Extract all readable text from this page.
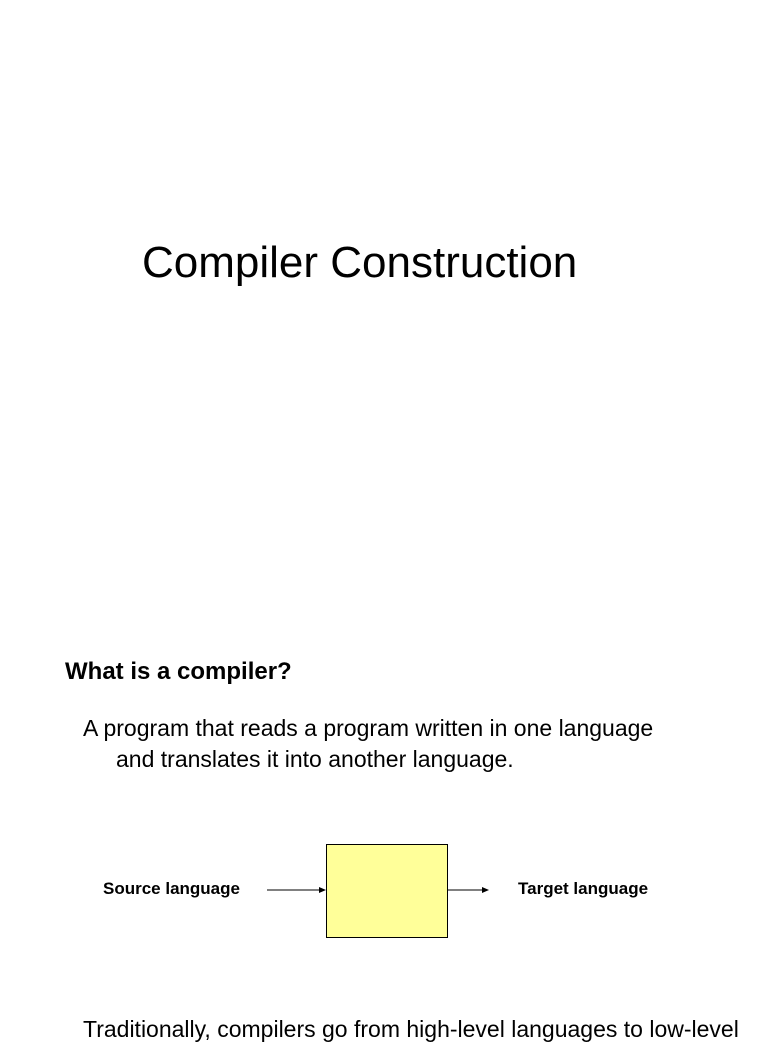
Compiler Construction
What is a compiler?

A program that reads a program written in one language
and translates it into another language.

Source language	Target language

Traditionally, compilers go from high-level languages to low-level
